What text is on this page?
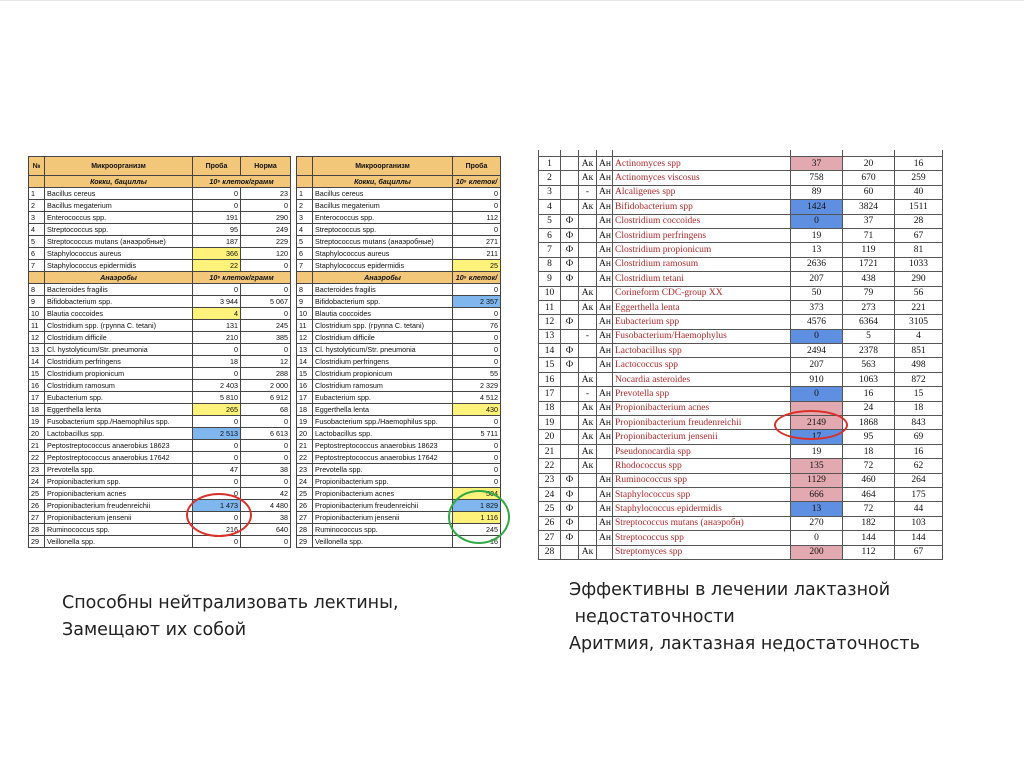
№	Микроорганизм	Проба	Норма
	Кокки, бациллы	10⁵ клеток/грамм	
1	Bacillus cereus	0	23
2	Bacillus megaterium	0	0
3	Enterococcus spp.	191	290
4	Streptococcus spp.	95	249
5	Streptococcus mutans (анаэробные)	187	229
6	Staphylococcus aureus	366	120
7	Staphylococcus epidermidis	22	0
	Анаэробы	10⁵ клеток/грамм	
8	Bacteroides fragilis	0	0
9	Bifidobacterium spp.	3 944	5 067
10	Blautia coccoides	4	0
11	Clostridium spp. (группа C. tetani)	131	245
12	Clostridium difficile	210	385
13	Cl. hystolyticum/Str. pneumonia	0	0
14	Clostridium perfringens	18	12
15	Clostridium propionicum	0	288
16	Clostridium ramosum	2 403	2 000
17	Eubacterium spp.	5 810	6 912
18	Eggerthella lenta	265	68
19	Fusobacterium spp./Haemophilus spp.	0	0
20	Lactobacillus spp.	2 513	6 613
21	Peptostreptococcus anaerobius 18623	0	0
22	Peptostreptococcus anaerobius 17642	0	0
23	Prevotella spp.	47	38
24	Propionibacterium spp.	0	0
25	Propionibacterium acnes	0	42
26	Propionibacterium freudenreichii	1 473	4 480
27	Propionibacterium jensenii	0	38
28	Ruminococcus spp.	216	640
29	Veillonella spp.	0	0
	Микроорганизм	Проба
	Кокки, бациллы	10⁵ клеток/
1	Bacillus cereus	0
2	Bacillus megaterium	0
3	Enterococcus spp.	112
4	Streptococcus spp.	0
5	Streptococcus mutans (анаэробные)	271
6	Staphylococcus aureus	211
7	Staphylococcus epidermidis	25
	Анаэробы	10⁵ клеток/
8	Bacteroides fragilis	0
9	Bifidobacterium spp.	2 357
10	Blautia coccoides	0
11	Clostridium spp. (группа C. tetani)	76
12	Clostridium difficile	0
13	Cl. hystolyticum/Str. pneumonia	0
14	Clostridium perfringens	0
15	Clostridium propionicum	55
16	Clostridium ramosum	2 329
17	Eubacterium spp.	4 512
18	Eggerthella lenta	430
19	Fusobacterium spp./Haemophilus spp.	0
20	Lactobacillus spp.	5 711
21	Peptostreptococcus anaerobius 18623	0
22	Peptostreptococcus anaerobius 17642	0
23	Prevotella spp.	0
24	Propionibacterium spp.	0
25	Propionibacterium acnes	504
26	Propionibacterium freudenreichii	1 829
27	Propionibacterium jensenii	1 116
28	Ruminococcus spp.	245
29	Veillonella spp.	16

1		Ак	Ан	Actinomyces spp	37	20	16
2		Ак	Ан	Actinomyces viscosus	758	670	259
3		-	Ан	Alcaligenes spp	89	60	40
4		Ак	Ан	Bifidobacterium spp	1424	3824	1511
5	Ф		Ан	Clostridium coccoides	0	37	28
6	Ф		Ан	Clostridium perfringens	19	71	67
7	Ф		Ан	Clostridium propionicum	13	119	81
8	Ф		Ан	Clostridium ramosum	2636	1721	1033
9	Ф		Ан	Clostridium tetani	207	438	290
10		Ак		Corineform CDC-group XX	50	79	56
11		Ак	Ан	Eggerthella lenta	373	273	221
12	Ф		Ан	Eubacterium spp	4576	6364	3105
13		-	Ан	Fusobacterium/Haemophylus	0	5	4
14	Ф		Ан	Lactobacillus spp	2494	2378	851
15	Ф		Ан	Lactococcus spp	207	563	498
16		Ак		Nocardia asteroides	910	1063	872
17		-	Ан	Prevotella spp	0	16	15
18		Ак	Ан	Propionibacterium acnes		24	18
19		Ак	Ан	Propionibacterium freudenreichii	2149	1868	843
20		Ак	Ан	Propionibacterium jensenii	17	95	69
21		Ак		Pseudonocardia spp	19	18	16
22		Ак		Rhodococcus spp	135	72	62
23	Ф		Ан	Ruminococcus spp	1129	460	264
24	Ф		Ан	Staphylococcus spp	666	464	175
25	Ф		Ан	Staphylococcus epidermidis	13	72	44
26	Ф		Ан	Streptococcus mutans (анаэробн)	270	182	103
27	Ф		Ан	Streptococcus spp	0	144	144
28		Ак		Streptomyces spp	200	112	67
Способны нейтрализовать лектины,
Замещают их собой
Эффективны в лечении лактазной
недостаточности
Аритмия, лактазная недостаточность
